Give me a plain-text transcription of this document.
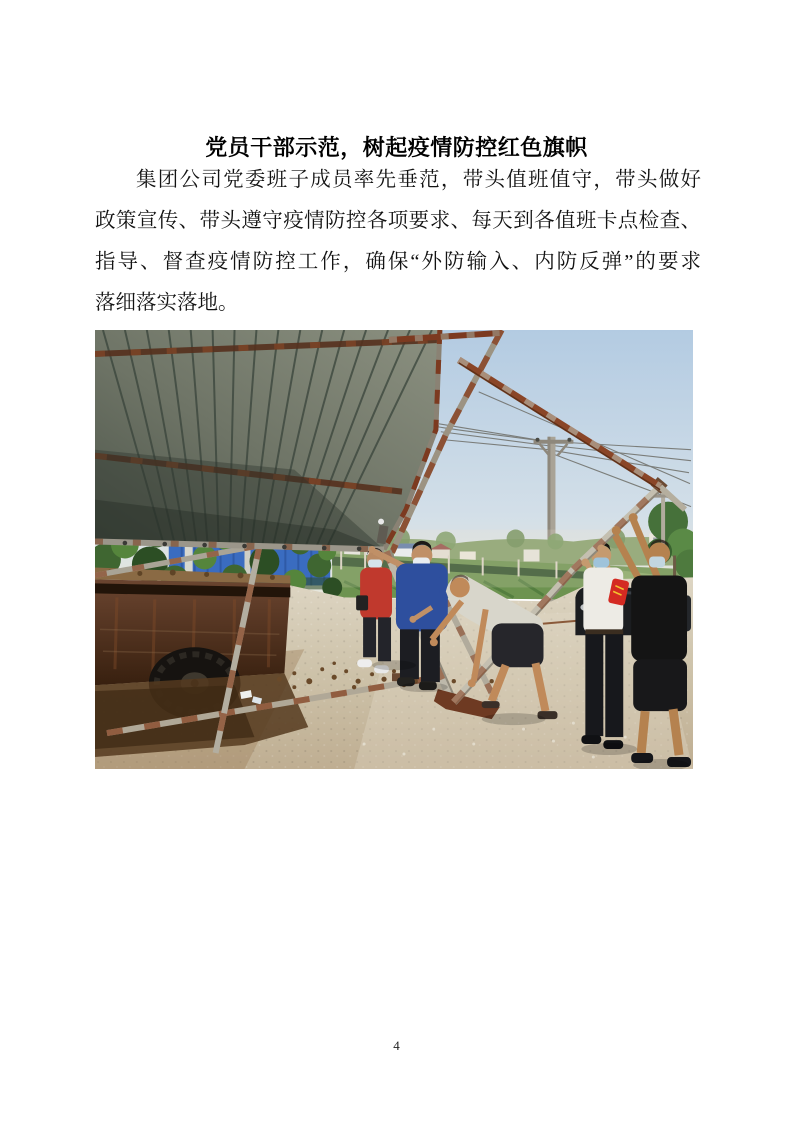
党员干部示范，树起疫情防控红色旗帜
集团公司党委班子成员率先垂范，带头值班值守，带头做好
政策宣传、带头遵守疫情防控各项要求、每天到各值班卡点检查、
指导、督查疫情防控工作，确保“外防输入、内防反弹”的要求
落细落实落地。
4
